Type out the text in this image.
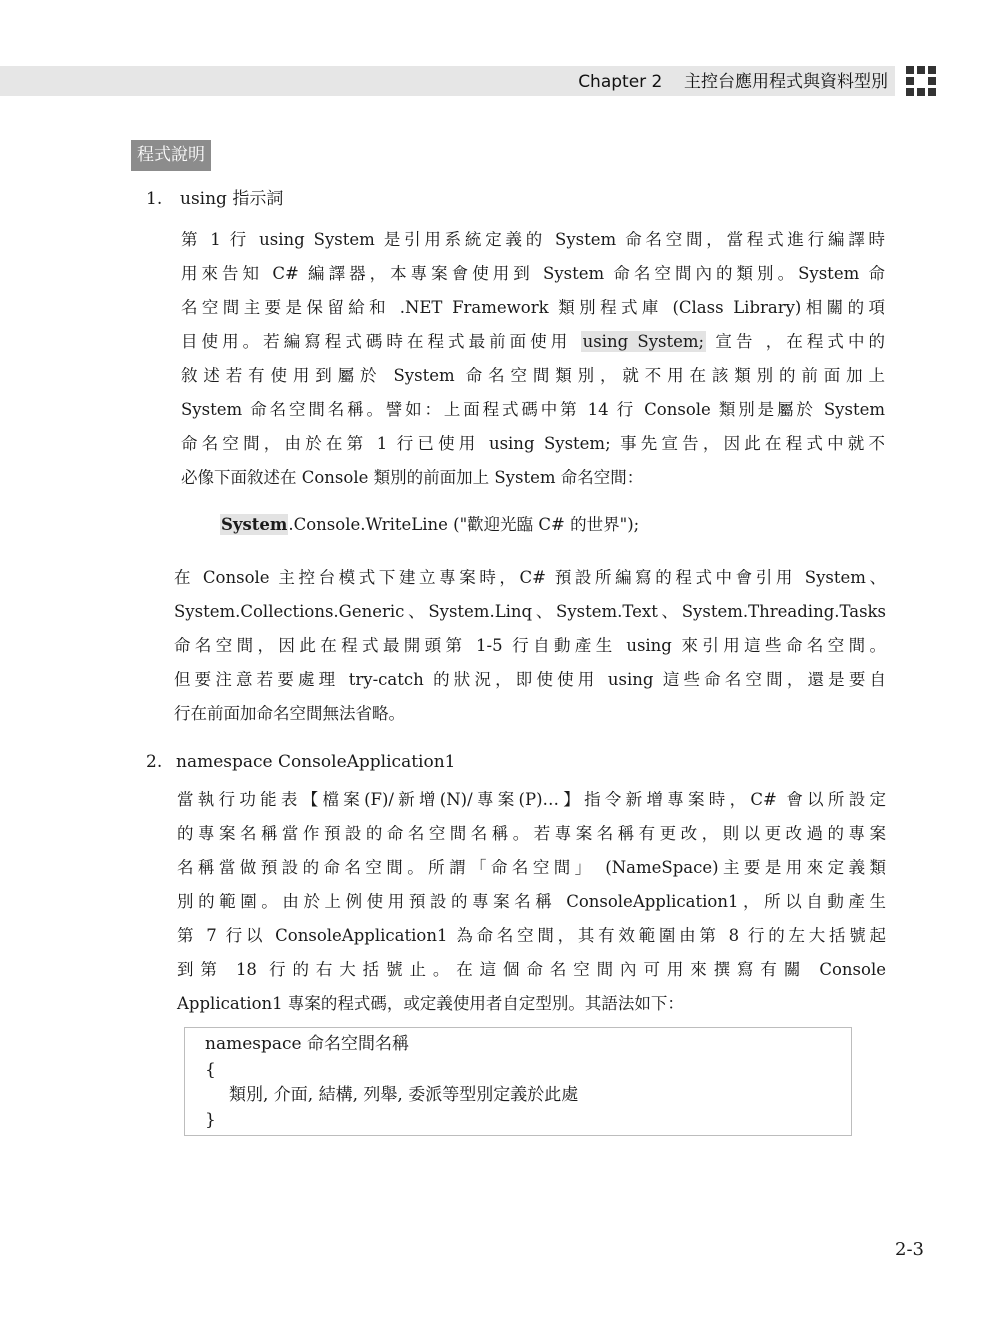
Chapter 2 主控台應用程式與資料型別
程式說明
1. using 指示詞
第 1 行 using System 是引用系統定義的 System 命名空間，當程式進行編譯時
用來告知 C# 編譯器，本專案會使用到 System 命名空間內的類別。System 命
名空間主要是保留給和 .NET Framework 類別程式庫 (Class Library)相關的項
目使用。若編寫程式碼時在程式最前面使用 using System; 宣告 ，在程式中的
敘述若有使用到屬於 System 命名空間類別，就不用在該類別的前面加上
System 命名空間名稱。譬如：上面程式碼中第 14 行 Console 類別是屬於 System
命名空間，由於在第 1 行已使用 using System; 事先宣告，因此在程式中就不
必像下面敘述在 Console 類別的前面加上 System 命名空間：
System.Console.WriteLine ("歡迎光臨 C# 的世界");
在 Console 主控台模式下建立專案時，C# 預設所編寫的程式中會引用 System、
System.Collections.Generic、System.Linq、System.Text、System.Threading.Tasks
命名空間，因此在程式最開頭第 1-5 行自動產生 using 來引用這些命名空間。
但要注意若要處理 try-catch 的狀況，即使使用 using 這些命名空間，還是要自
行在前面加命名空間無法省略。
2. namespace ConsoleApplication1
當執行功能表【檔案(F)/新增(N)/專案(P)…】指令新增專案時，C# 會以所設定
的專案名稱當作預設的命名空間名稱。若專案名稱有更改，則以更改過的專案
名稱當做預設的命名空間。所謂「命名空間」 (NameSpace)主要是用來定義類
別的範圍。由於上例使用預設的專案名稱 ConsoleApplication1，所以自動產生
第 7 行以 ConsoleApplication1 為命名空間，其有效範圍由第 8 行的左大括號起
到第 18 行的右大括號止。在這個命名空間內可用來撰寫有關 Console
Application1 專案的程式碼，或定義使用者自定型別。其語法如下：
namespace 命名空間名稱
{
類別, 介面, 結構, 列舉, 委派等型別定義於此處
}
2-3
